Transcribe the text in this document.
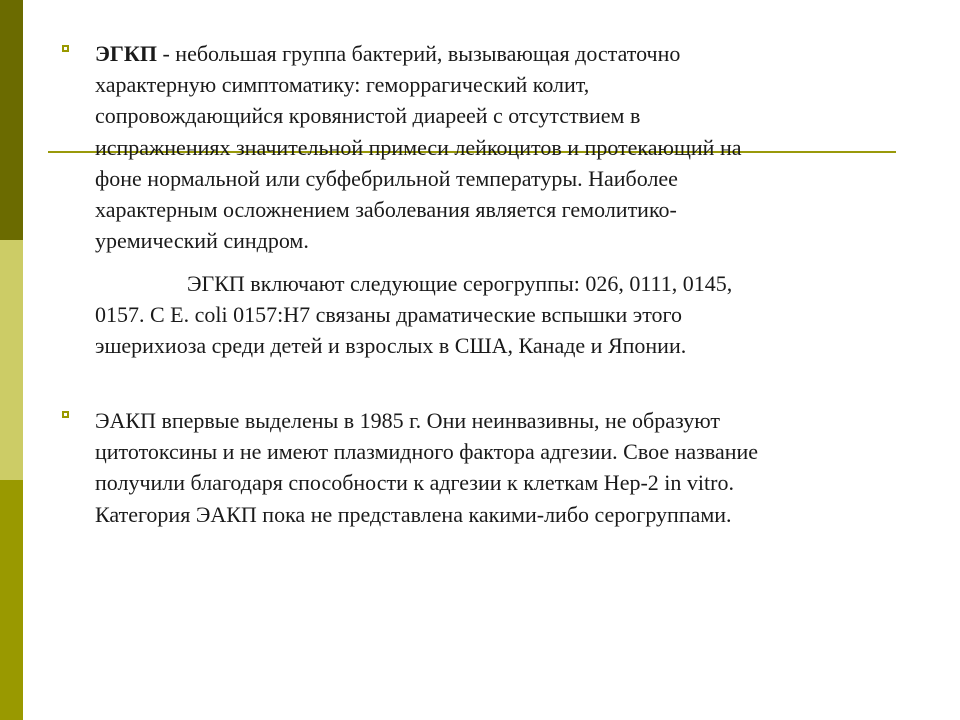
ЭГКП - небольшая группа бактерий, вызывающая достаточно
характерную симптоматику: геморрагический колит,
сопровождающийся кровянистой диареей с отсутствием в
испражнениях значительной примеси лейкоцитов и протекающий на
фоне нормальной или субфебрильной температуры. Наиболее
характерным осложнением заболевания является гемолитико-
уремический синдром.

ЭГКП включают следующие серогруппы: 026, 0111, 0145,
0157. С Е. coli 0157:Н7 связаны драматические вспышки этого
эшерихиоза среди детей и взрослых в США, Канаде и Японии.

ЭАКП впервые выделены в 1985 г. Они неинвазивны, не образуют
цитотоксины и не имеют плазмидного фактора адгезии. Свое название
получили благодаря способности к адгезии к клеткам Нер-2 in vitro.
Категория ЭАКП пока не представлена какими-либо серогруппами.
